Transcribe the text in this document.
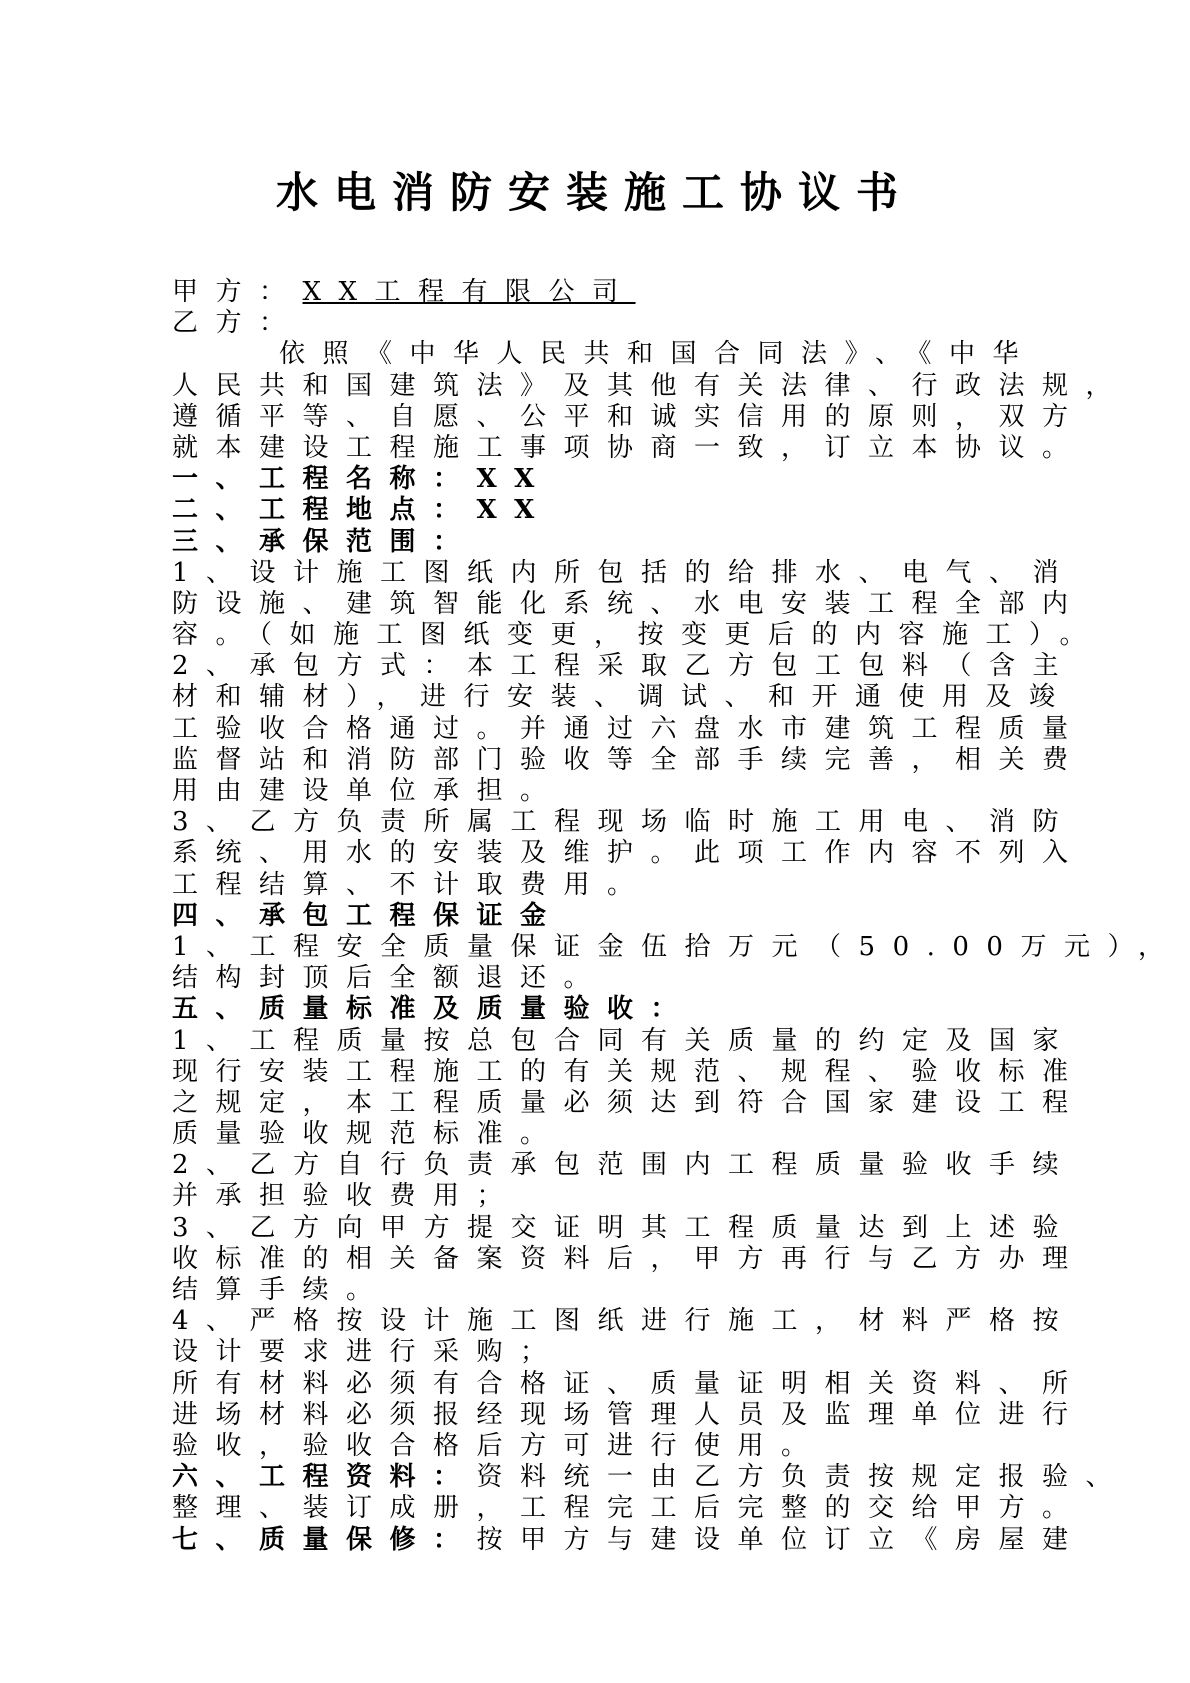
水电消防安装施工协议书
甲方：XX工程有限公司
乙方：
依照《中华人民共和国合同法》、《中华
人民共和国建筑法》及其他有关法律、行政法规，
遵循平等、自愿、公平和诚实信用的原则，双方
就本建设工程施工事项协商一致，订立本协议。
一、工程名称：XX
二、工程地点：XX
三、承保范围：
1、设计施工图纸内所包括的给排水、电气、消
防设施、建筑智能化系统、水电安装工程全部内
容。（如施工图纸变更，按变更后的内容施工）。
2、承包方式：本工程采取乙方包工包料（含主
材和辅材），进行安装、调试、和开通使用及竣
工验收合格通过。并通过六盘水市建筑工程质量
监督站和消防部门验收等全部手续完善，相关费
用由建设单位承担。
3、乙方负责所属工程现场临时施工用电、消防
系统、用水的安装及维护。此项工作内容不列入
工程结算、不计取费用。
四、承包工程保证金
1、工程安全质量保证金伍拾万元（50.00万元），
结构封顶后全额退还。
五、质量标准及质量验收：
1、工程质量按总包合同有关质量的约定及国家
现行安装工程施工的有关规范、规程、验收标准
之规定，本工程质量必须达到符合国家建设工程
质量验收规范标准。
2、乙方自行负责承包范围内工程质量验收手续
并承担验收费用；
3、乙方向甲方提交证明其工程质量达到上述验
收标准的相关备案资料后，甲方再行与乙方办理
结算手续。
4、严格按设计施工图纸进行施工，材料严格按
设计要求进行采购；
所有材料必须有合格证、质量证明相关资料、所
进场材料必须报经现场管理人员及监理单位进行
验收，验收合格后方可进行使用。
六、工程资料：资料统一由乙方负责按规定报验、
整理、装订成册，工程完工后完整的交给甲方。
七、质量保修：按甲方与建设单位订立《房屋建
